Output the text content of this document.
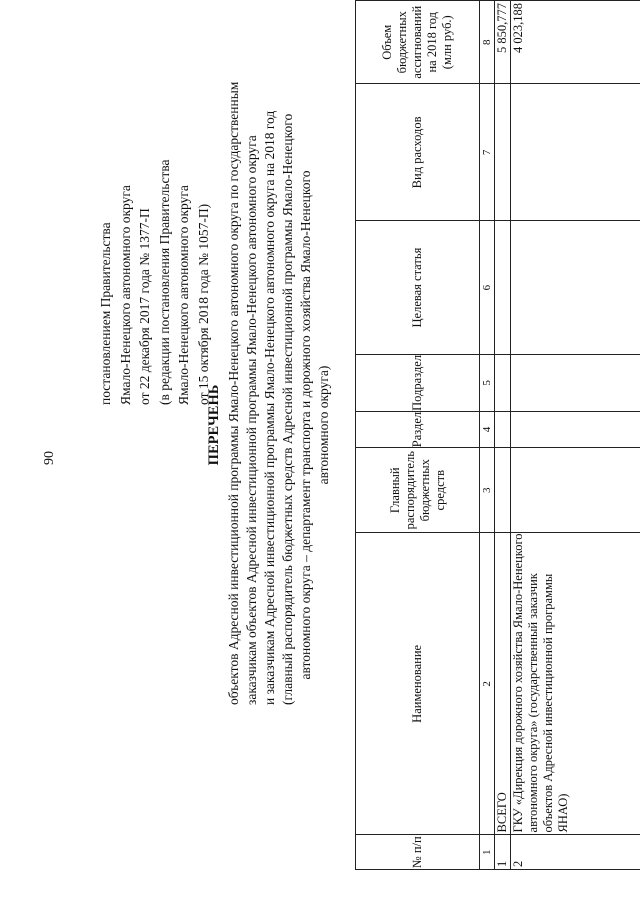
90
постановлением Правительства Ямало-Ненецкого автономного округа от 22 декабря 2017 года № 1377-П (в редакции постановления Правительства Ямало-Ненецкого автономного округа от 15 октября 2018 года № 1057-П)
ПЕРЕЧЕНЬ объектов Адресной инвестиционной программы Ямало-Ненецкого автономного округа по государственным заказчикам объектов Адресной инвестиционной программы Ямало-Ненецкого автономного округа и заказчикам Адресной инвестиционной программы Ямало-Ненецкого автономного округа на 2018 год (главный распорядитель бюджетных средств Адресной инвестиционной программы Ямало-Ненецкого автономного округа – департамент транспорта и дорожного хозяйства Ямало-Ненецкого автономного округа)
№ п/п	Наименование	Главный распорядитель бюджетных средств	Раздел	Подраздел	Целевая статья	Вид расходов	Объем бюджетных ассигнований на 2018 год (млн руб.)
1	2	3	4	5	6	7	8
1	ВСЕГО						5 850,777
2	ГКУ «Дирекция дорожного хозяйства Ямало-Ненецкого автономного округа» (государственный заказчик объектов Адресной инвестиционной программы ЯНАО)						4 023,188
